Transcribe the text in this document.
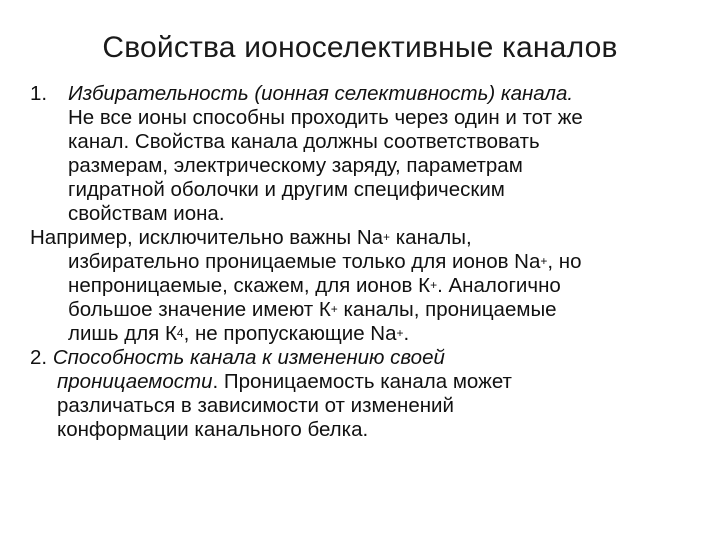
Свойства ионоселективные каналов
1. Избирательность (ионная селективность) канала.
Не все ионы способны проходить через один и тот же
канал. Свойства канала должны соответствовать
размерам, электрическому заряду, параметрам
гидратной оболочки и другим специфическим
свойствам иона.
Например, исключительно важны Na+ каналы,
избирательно проницаемые только для ионов Na+, но
непроницаемые, скажем, для ионов К+. Аналогично
большое значение имеют К+ каналы, проницаемые
лишь для $К^4$, не пропускающие Na+.
2. Способность канала к изменению своей
проницаемости. Проницаемость канала может
различаться в зависимости от изменений
конформации канального белка.
